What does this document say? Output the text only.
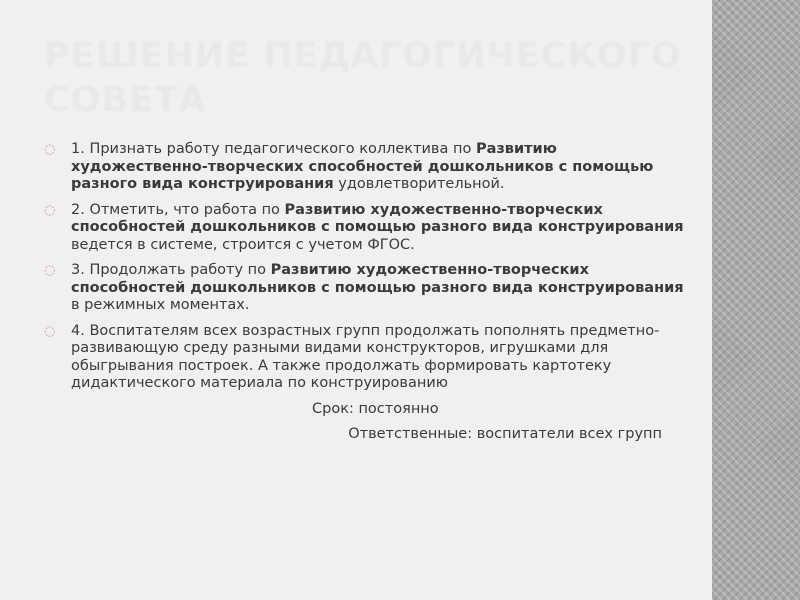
РЕШЕНИЕ ПЕДАГОГИЧЕСКОГО СОВЕТА
◌ 1. Признать работу педагогического коллектива по Развитию художественно-творческих способностей дошкольников с помощью разного вида конструирования удовлетворительной.
◌ 2. Отметить, что работа по Развитию художественно-творческих способностей дошкольников с помощью разного вида конструирования ведется в системе, строится с учетом ФГОС.
◌ 3. Продолжать работу по Развитию художественно-творческих способностей дошкольников с помощью разного вида конструирования в режимных моментах.
◌ 4. Воспитателям всех возрастных групп продолжать пополнять предметно-развивающую среду разными видами конструкторов, игрушками для обыгрывания построек. А также продолжать формировать картотеку дидактического материала по конструированию
Срок: постоянно
Ответственные: воспитатели всех групп
